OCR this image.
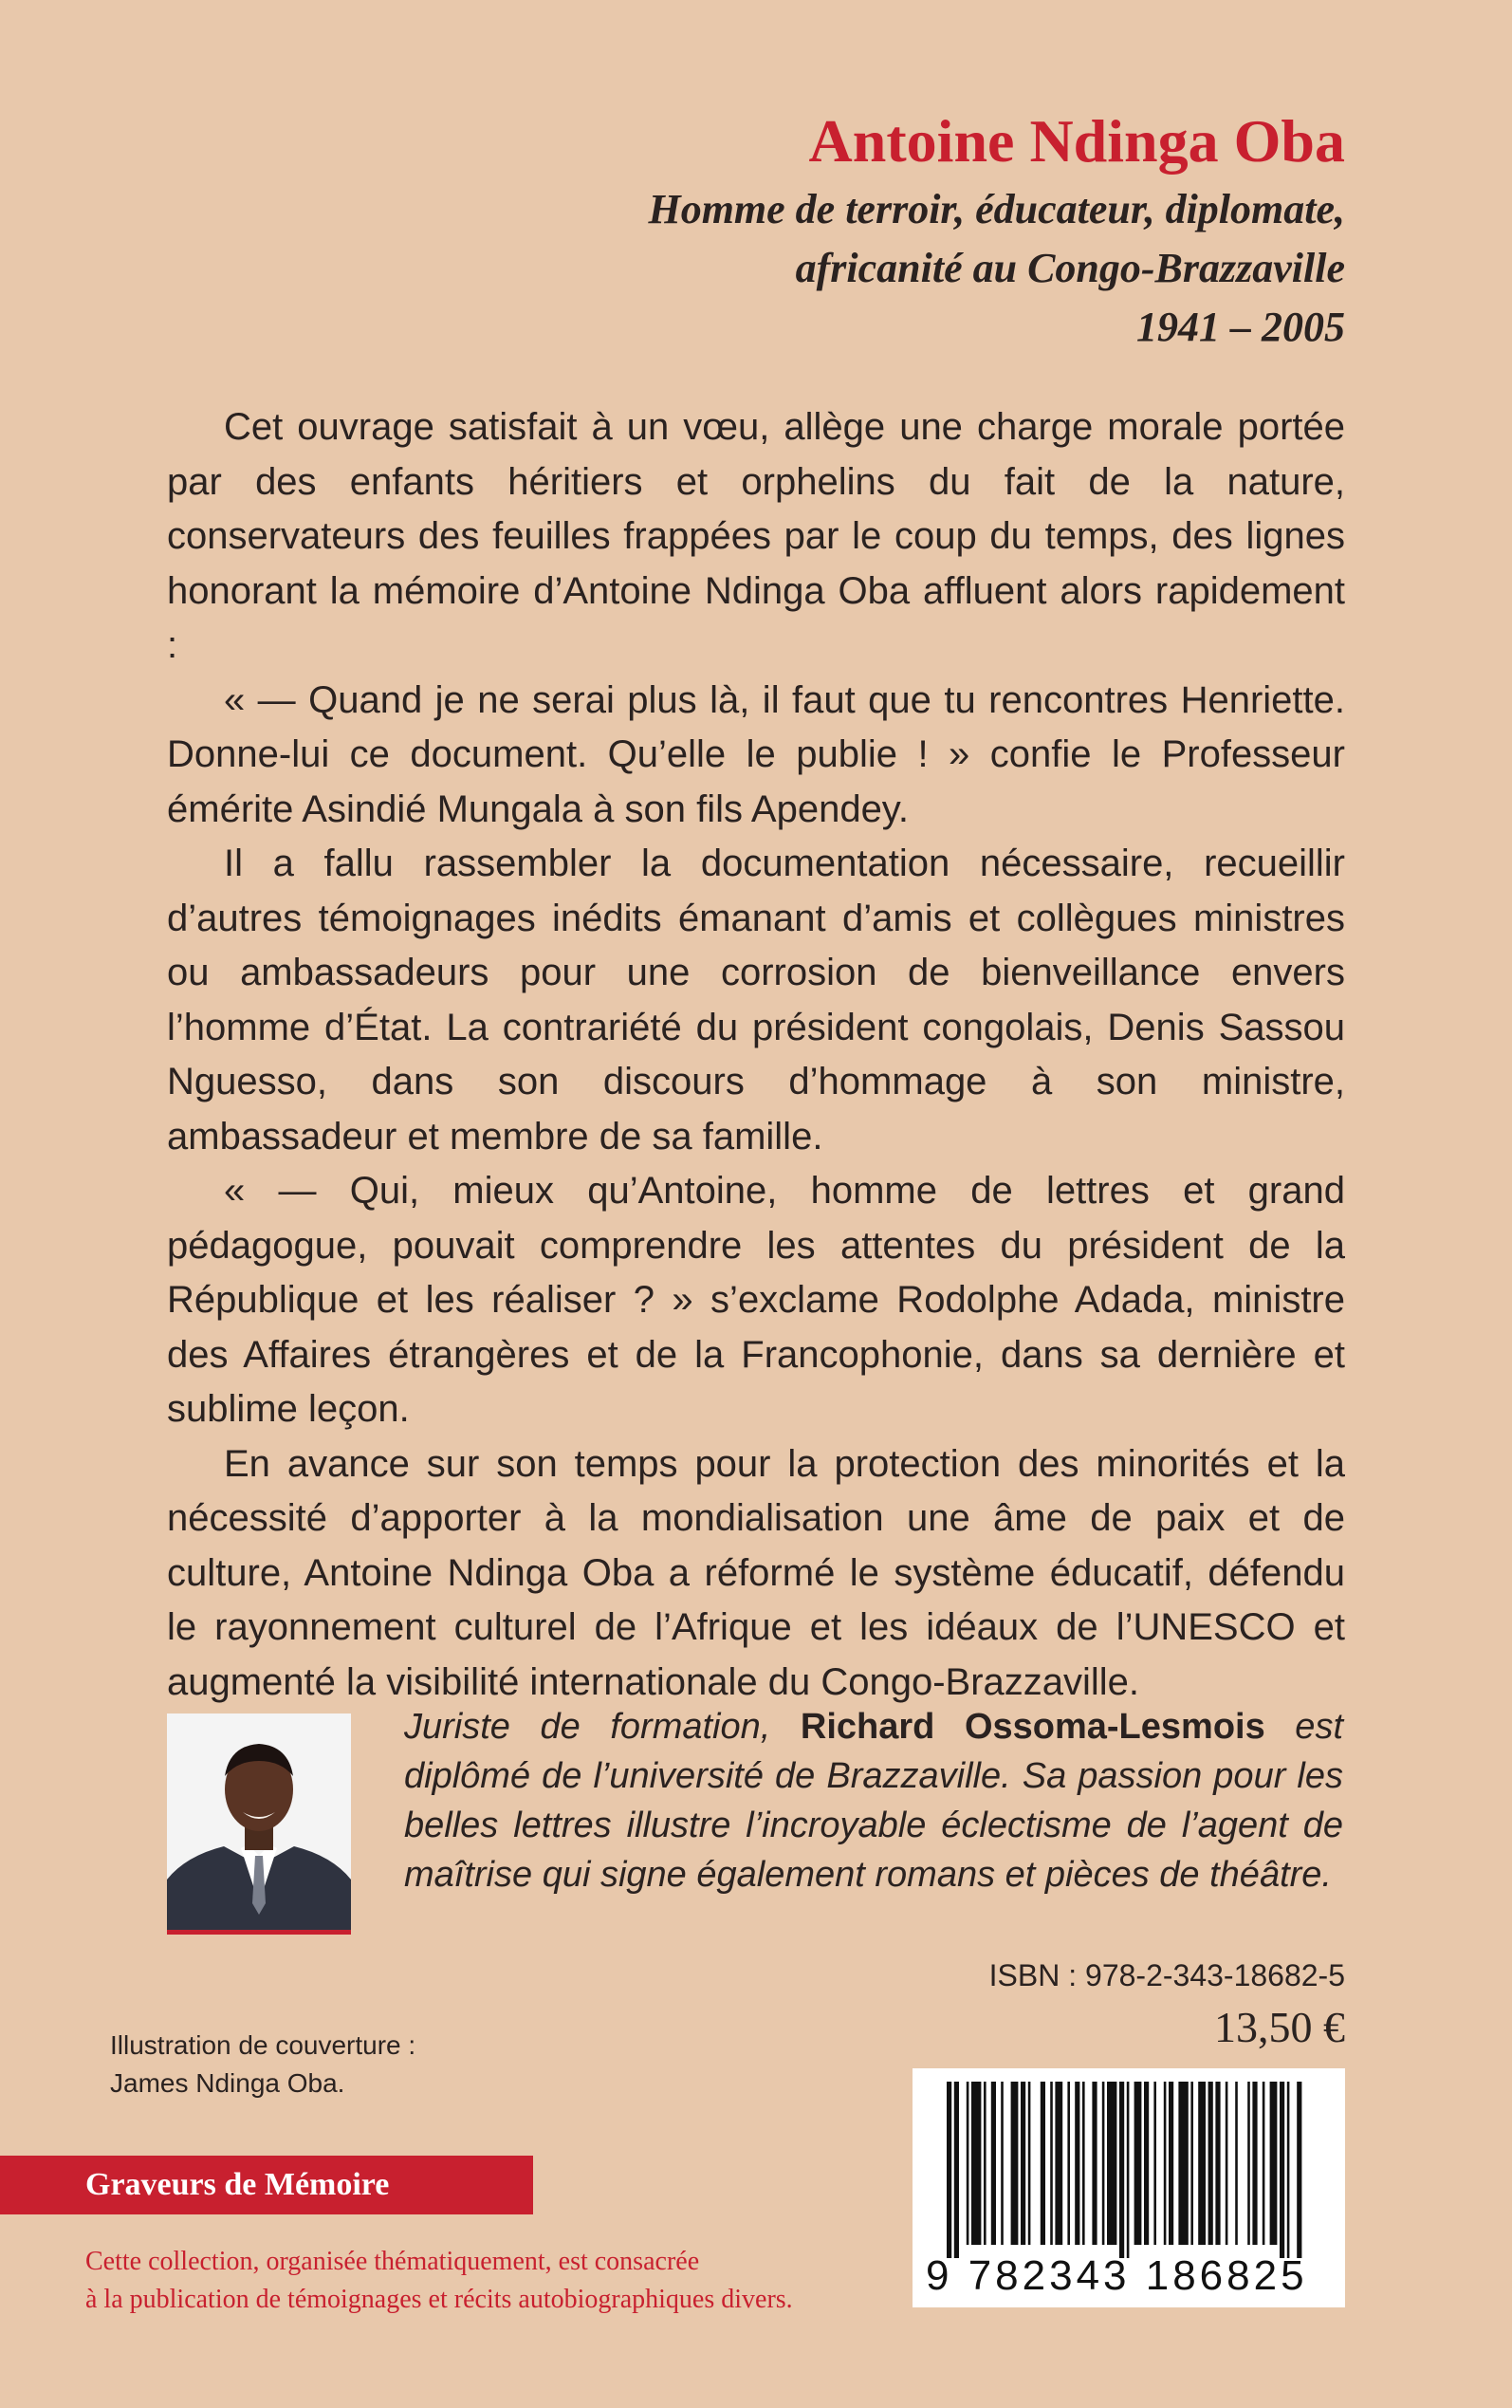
Antoine Ndinga Oba
Homme de terroir, éducateur, diplomate,
africanité au Congo-Brazzaville
1941 – 2005

Cet ouvrage satisfait à un vœu, allège une charge morale portée par des enfants héritiers et orphelins du fait de la nature, conservateurs des feuilles frappées par le coup du temps, des lignes honorant la mémoire d’Antoine Ndinga Oba affluent alors rapidement :

« — Quand je ne serai plus là, il faut que tu rencontres Henriette. Donne-lui ce document. Qu’elle le publie ! » confie le Professeur émérite Asindié Mungala à son fils Apendey.

Il a fallu rassembler la documentation nécessaire, recueillir d’autres témoignages inédits émanant d’amis et collègues ministres ou ambassadeurs pour une corrosion de bienveillance envers l’homme d’État. La contrariété du président congolais, Denis Sassou Nguesso, dans son discours d’hommage à son ministre, ambassadeur et membre de sa famille.

« — Qui, mieux qu’Antoine, homme de lettres et grand pédagogue, pouvait comprendre les attentes du président de la République et les réaliser ? » s’exclame Rodolphe Adada, ministre des Affaires étrangères et de la Francophonie, dans sa dernière et sublime leçon.

En avance sur son temps pour la protection des minorités et la nécessité d’apporter à la mondialisation une âme de paix et de culture, Antoine Ndinga Oba a réformé le système éducatif, défendu le rayonnement culturel de l’Afrique et les idéaux de l’UNESCO et augmenté la visibilité internationale du Congo-Brazzaville.

Juriste de formation, Richard Ossoma-Lesmois est diplômé de l’université de Brazzaville. Sa passion pour les belles lettres illustre l’incroyable éclectisme de l’agent de maîtrise qui signe également romans et pièces de théâtre.
ISBN : 978-2-343-18682-5
13,50 €
Illustration de couverture :
James Ndinga Oba.
9 782343 186825
Graveurs de Mémoire
Cette collection, organisée thématiquement, est consacrée
à la publication de témoignages et récits autobiographiques divers.
